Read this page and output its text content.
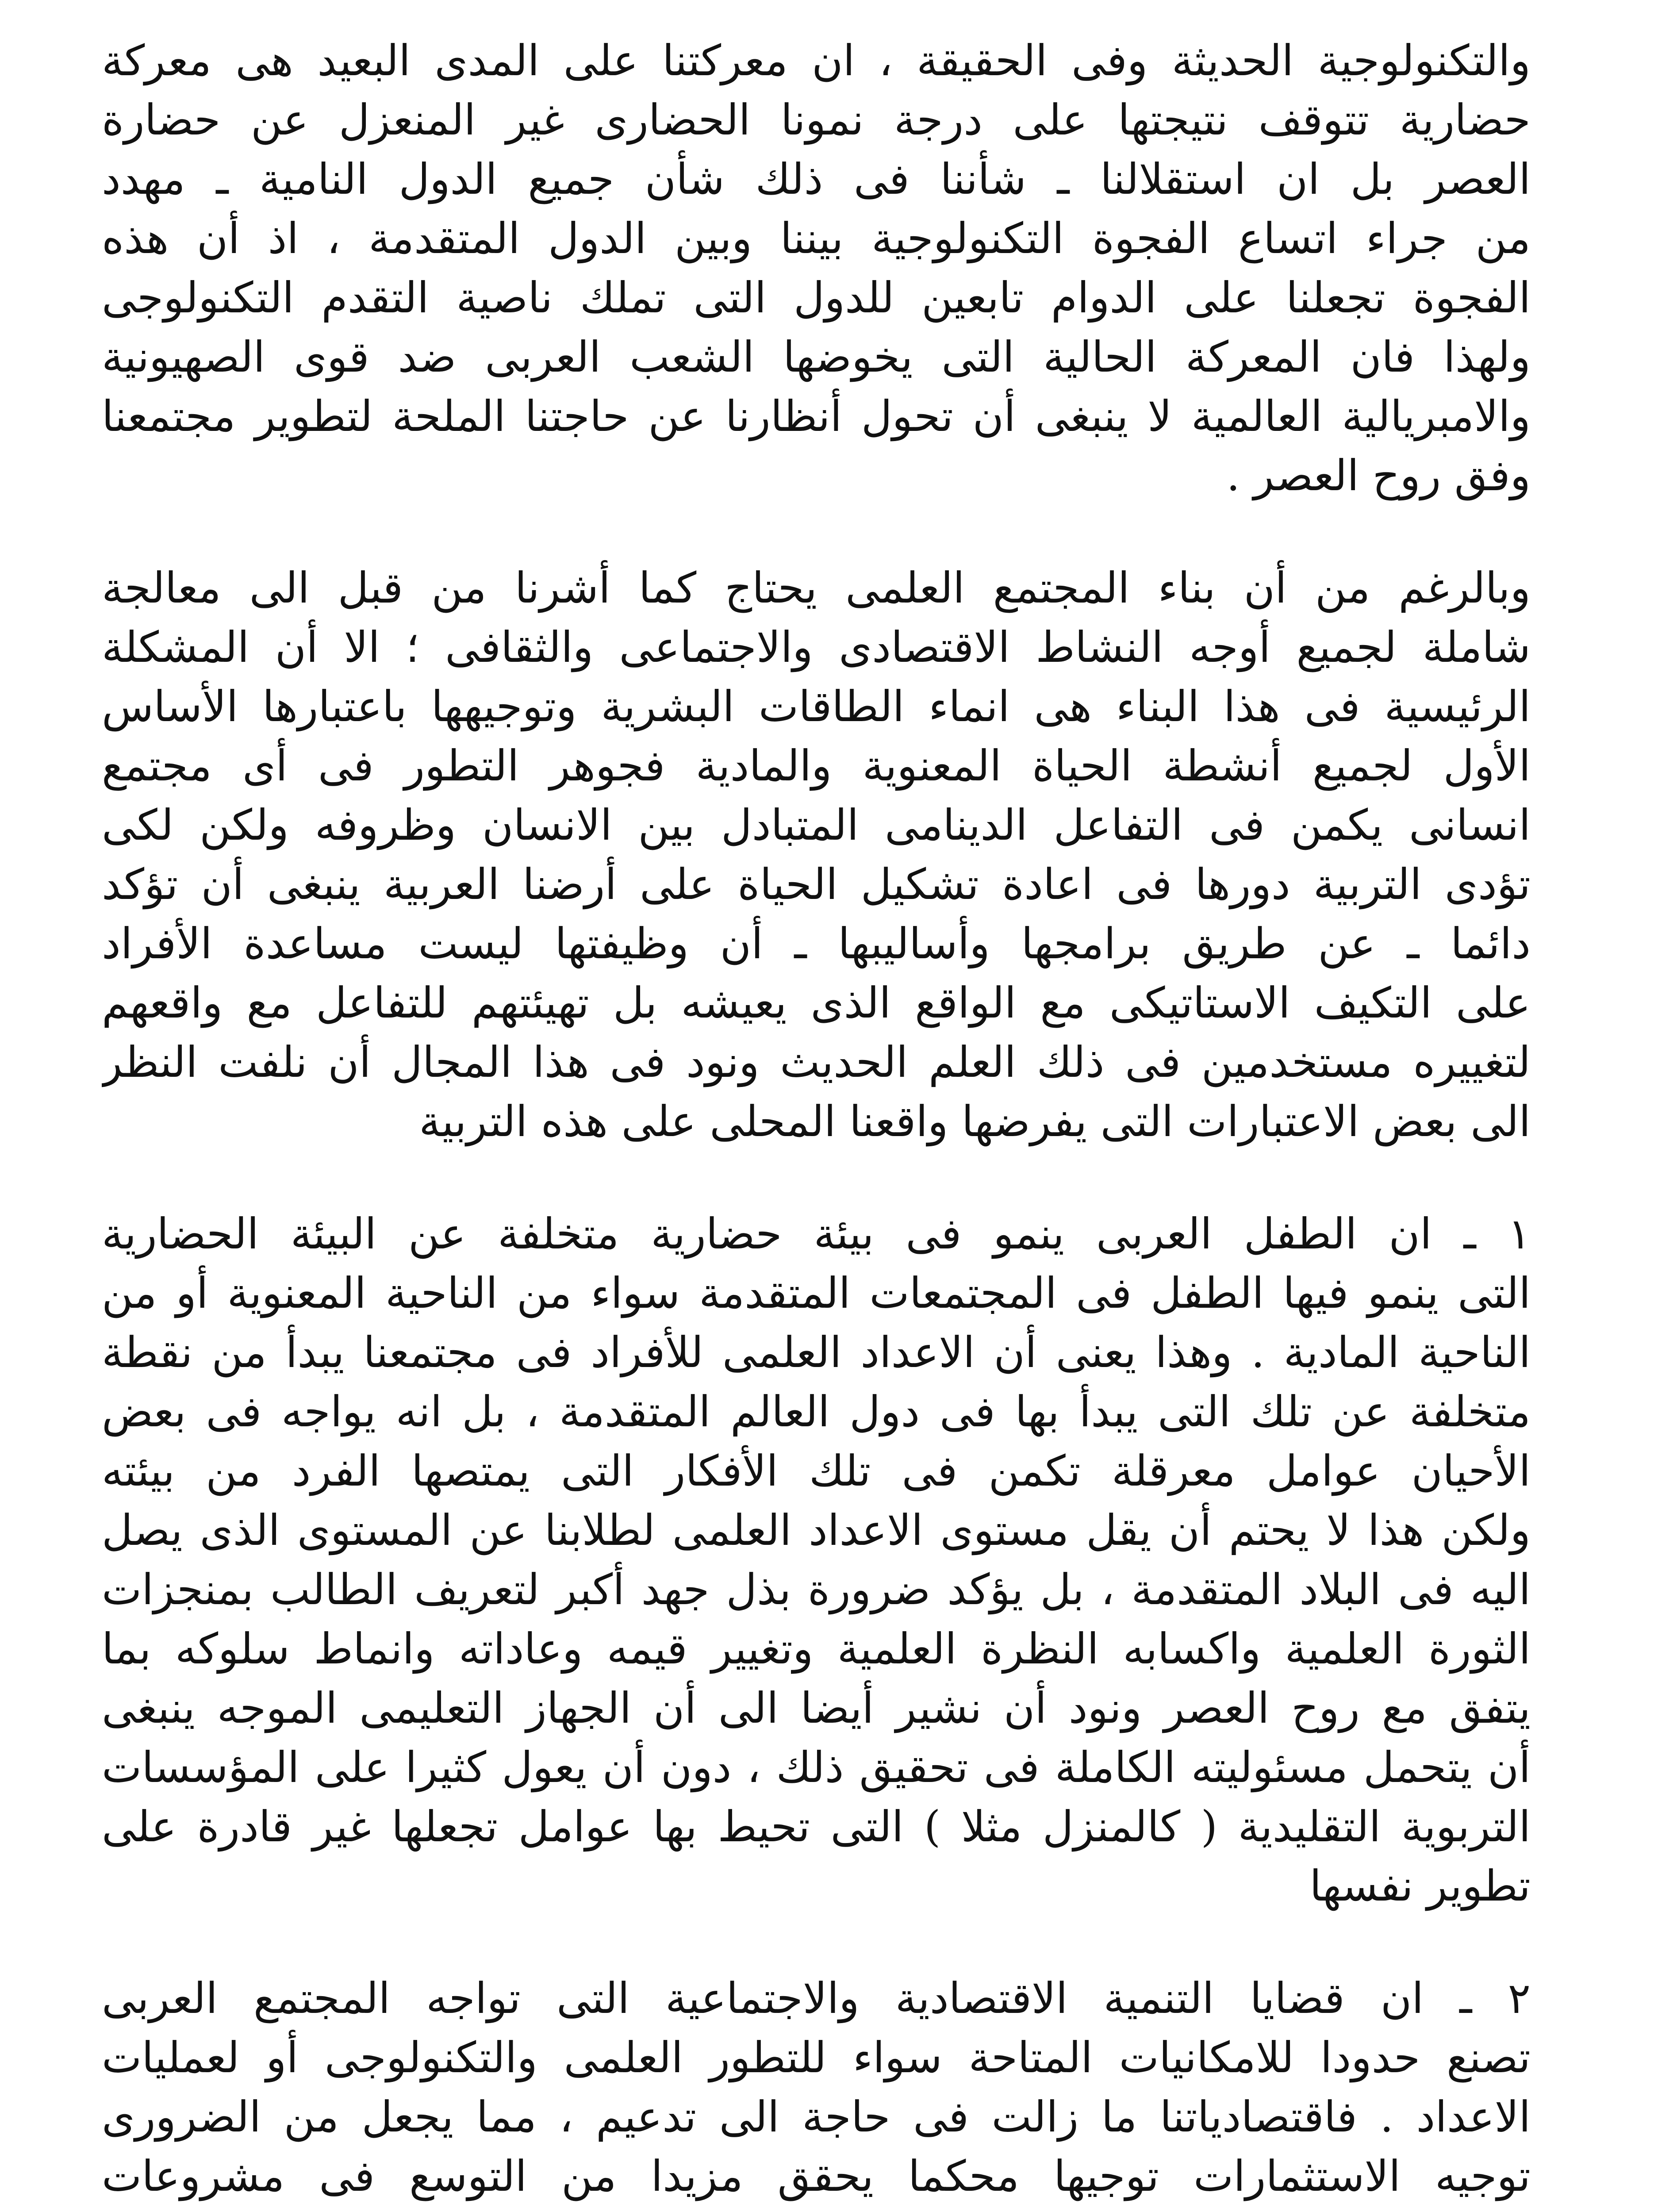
والتكنولوجية الحديثة وفى الحقيقة ، ان معركتنا على المدى البعيد هى معركة
حضارية تتوقف نتيجتها على درجة نمونا الحضارى غير المنعزل عن حضارة
العصر بل ان استقلالنا ـ شأننا فى ذلك شأن جميع الدول النامية ـ مهدد
من جراء اتساع الفجوة التكنولوجية بيننا وبين الدول المتقدمة ، اذ أن هذه
الفجوة تجعلنا على الدوام تابعين للدول التى تملك ناصية التقدم التكنولوجى
ولهذا فان المعركة الحالية التى يخوضها الشعب العربى ضد قوى الصهيونية
والامبريالية العالمية لا ينبغى أن تحول أنظارنا عن حاجتنا الملحة لتطوير مجتمعنا
وفق روح العصر .
وبالرغم من أن بناء المجتمع العلمى يحتاج كما أشرنا من قبل الى معالجة
شاملة لجميع أوجه النشاط الاقتصادى والاجتماعى والثقافى ؛ الا أن المشكلة
الرئيسية فى هذا البناء هى انماء الطاقات البشرية وتوجيهها باعتبارها الأساس
الأول لجميع أنشطة الحياة المعنوية والمادية فجوهر التطور فى أى مجتمع
انسانى يكمن فى التفاعل الدينامى المتبادل بين الانسان وظروفه ولكن لكى
تؤدى التربية دورها فى اعادة تشكيل الحياة على أرضنا العربية ينبغى أن تؤكد
دائما ـ عن طريق برامجها وأساليبها ـ أن وظيفتها ليست مساعدة الأفراد
على التكيف الاستاتيكى مع الواقع الذى يعيشه بل تهيئتهم للتفاعل مع واقعهم
لتغييره مستخدمين فى ذلك العلم الحديث ونود فى هذا المجال أن نلفت النظر
الى بعض الاعتبارات التى يفرضها واقعنا المحلى على هذه التربية
١ ـ ان الطفل العربى ينمو فى بيئة حضارية متخلفة عن البيئة الحضارية
التى ينمو فيها الطفل فى المجتمعات المتقدمة سواء من الناحية المعنوية أو من
الناحية المادية . وهذا يعنى أن الاعداد العلمى للأفراد فى مجتمعنا يبدأ من نقطة
متخلفة عن تلك التى يبدأ بها فى دول العالم المتقدمة ، بل انه يواجه فى بعض
الأحيان عوامل معرقلة تكمن فى تلك الأفكار التى يمتصها الفرد من بيئته
ولكن هذا لا يحتم أن يقل مستوى الاعداد العلمى لطلابنا عن المستوى الذى يصل
اليه فى البلاد المتقدمة ، بل يؤكد ضرورة بذل جهد أكبر لتعريف الطالب بمنجزات
الثورة العلمية واكسابه النظرة العلمية وتغيير قيمه وعاداته وانماط سلوكه بما
يتفق مع روح العصر ونود أن نشير أيضا الى أن الجهاز التعليمى الموجه ينبغى
أن يتحمل مسئوليته الكاملة فى تحقيق ذلك ، دون أن يعول كثيرا على المؤسسات
التربوية التقليدية ( كالمنزل مثلا ) التى تحيط بها عوامل تجعلها غير قادرة على
تطوير نفسها
٢ ـ ان قضايا التنمية الاقتصادية والاجتماعية التى تواجه المجتمع العربى
تصنع حدودا للامكانيات المتاحة سواء للتطور العلمى والتكنولوجى أو لعمليات
الاعداد . فاقتصادياتنا ما زالت فى حاجة الى تدعيم ، مما يجعل من الضرورى
توجيه الاستثمارات توجيها محكما يحقق مزيدا من التوسع فى مشروعات
